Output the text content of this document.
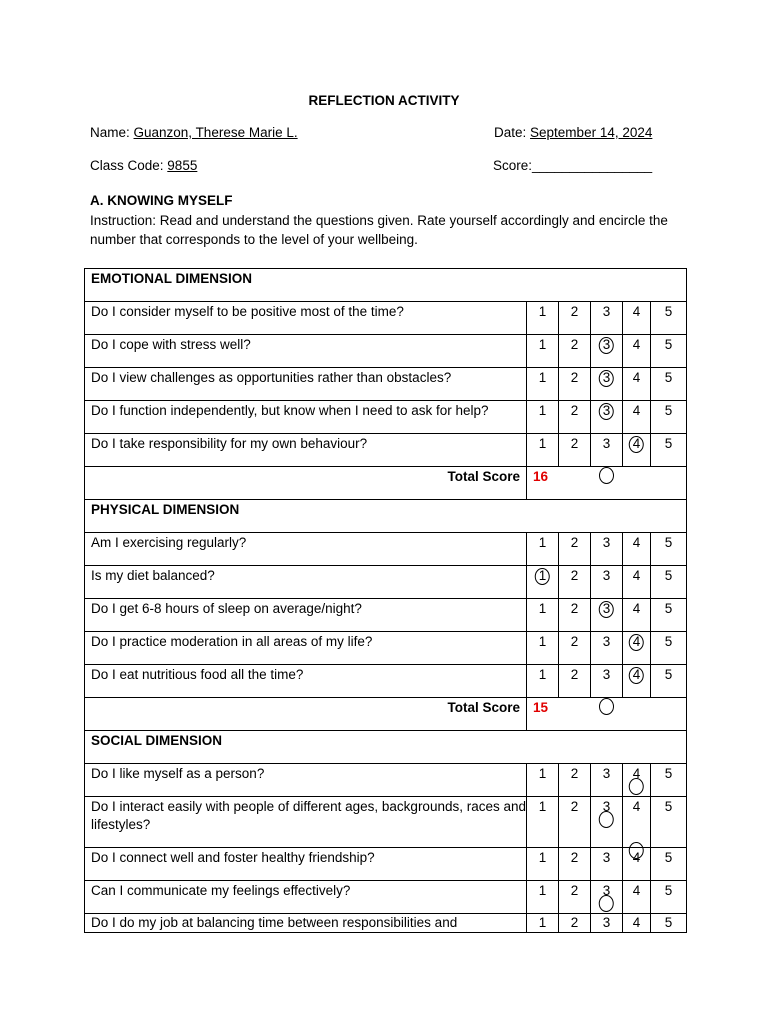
REFLECTION ACTIVITY
Name: Guanzon, Therese Marie L.	Date: September 14, 2024
Class Code: 9855	Score:________________
A. KNOWING MYSELF
Instruction: Read and understand the questions given. Rate yourself accordingly and encircle the number that corresponds to the level of your wellbeing.
EMOTIONAL DIMENSION					
Do I consider myself to be positive most of the time?	1	2	3	4	5
Do I cope with stress well?	1	2	3	4	5
Do I view challenges as opportunities rather than obstacles?	1	2	3	4	5
Do I function independently, but know when I need to ask for help?	1	2	3	4	5
Do I take responsibility for my own behaviour?	1	2	3	4	5
Total Score	16				

PHYSICAL DIMENSION					
Am I exercising regularly?	1	2	3	4	5
Is my diet balanced?	1	2	3	4	5
Do I get 6-8 hours of sleep on average/night?	1	2	3	4	5
Do I practice moderation in all areas of my life?	1	2	3	4	5
Do I eat nutritious food all the time?	1	2	3	4	5
Total Score	15				

SOCIAL DIMENSION					
Do I like myself as a person?	1	2	3	4	5
Do I interact easily with people of different ages, backgrounds, races and lifestyles?	1	2	3	4	5
Do I connect well and foster healthy friendship?	1	2	3	4	5
Can I communicate my feelings effectively?	1	2	3	4	5
Do I do my job at balancing time between responsibilities and	1	2	3	4	5
